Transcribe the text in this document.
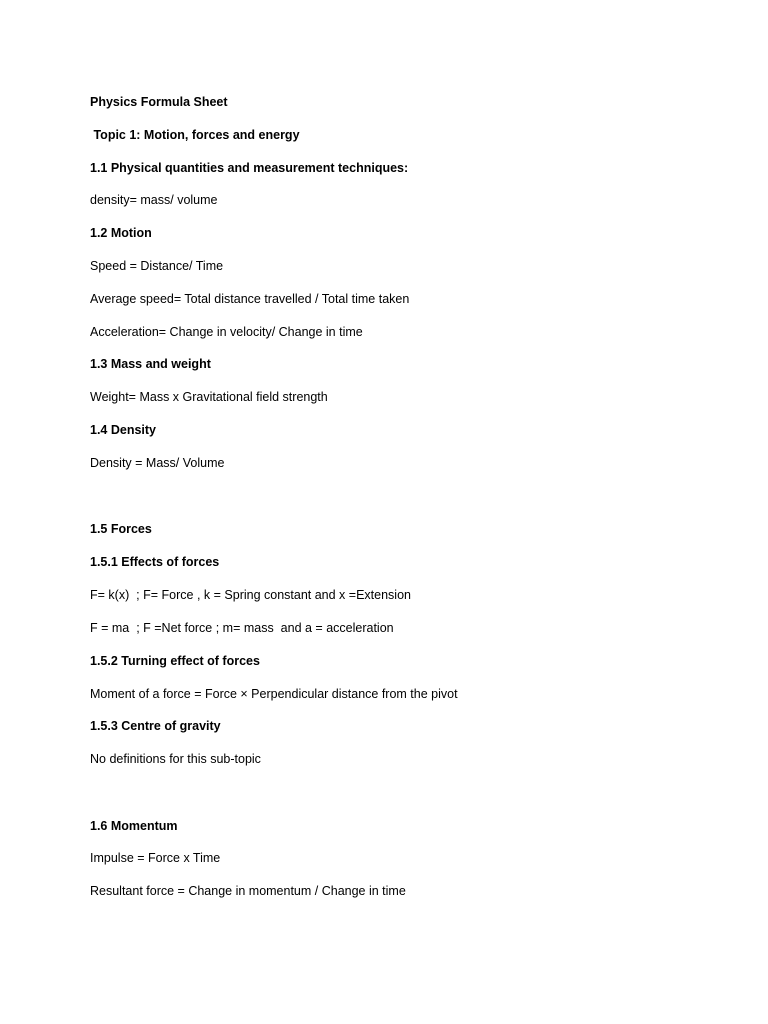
Physics Formula Sheet
Topic 1: Motion, forces and energy
1.1 Physical quantities and measurement techniques:
density= mass/ volume
1.2 Motion
Speed = Distance/ Time
Average speed= Total distance travelled / Total time taken
Acceleration= Change in velocity/ Change in time
1.3 Mass and weight
Weight= Mass x Gravitational field strength
1.4 Density
Density = Mass/ Volume
1.5 Forces
1.5.1 Effects of forces
F= k(x)  ; F= Force , k = Spring constant and x =Extension
F = ma  ; F =Net force ; m= mass  and a = acceleration
1.5.2 Turning effect of forces
Moment of a force = Force × Perpendicular distance from the pivot
1.5.3 Centre of gravity
No definitions for this sub-topic
1.6 Momentum
Impulse = Force x Time
Resultant force = Change in momentum / Change in time
